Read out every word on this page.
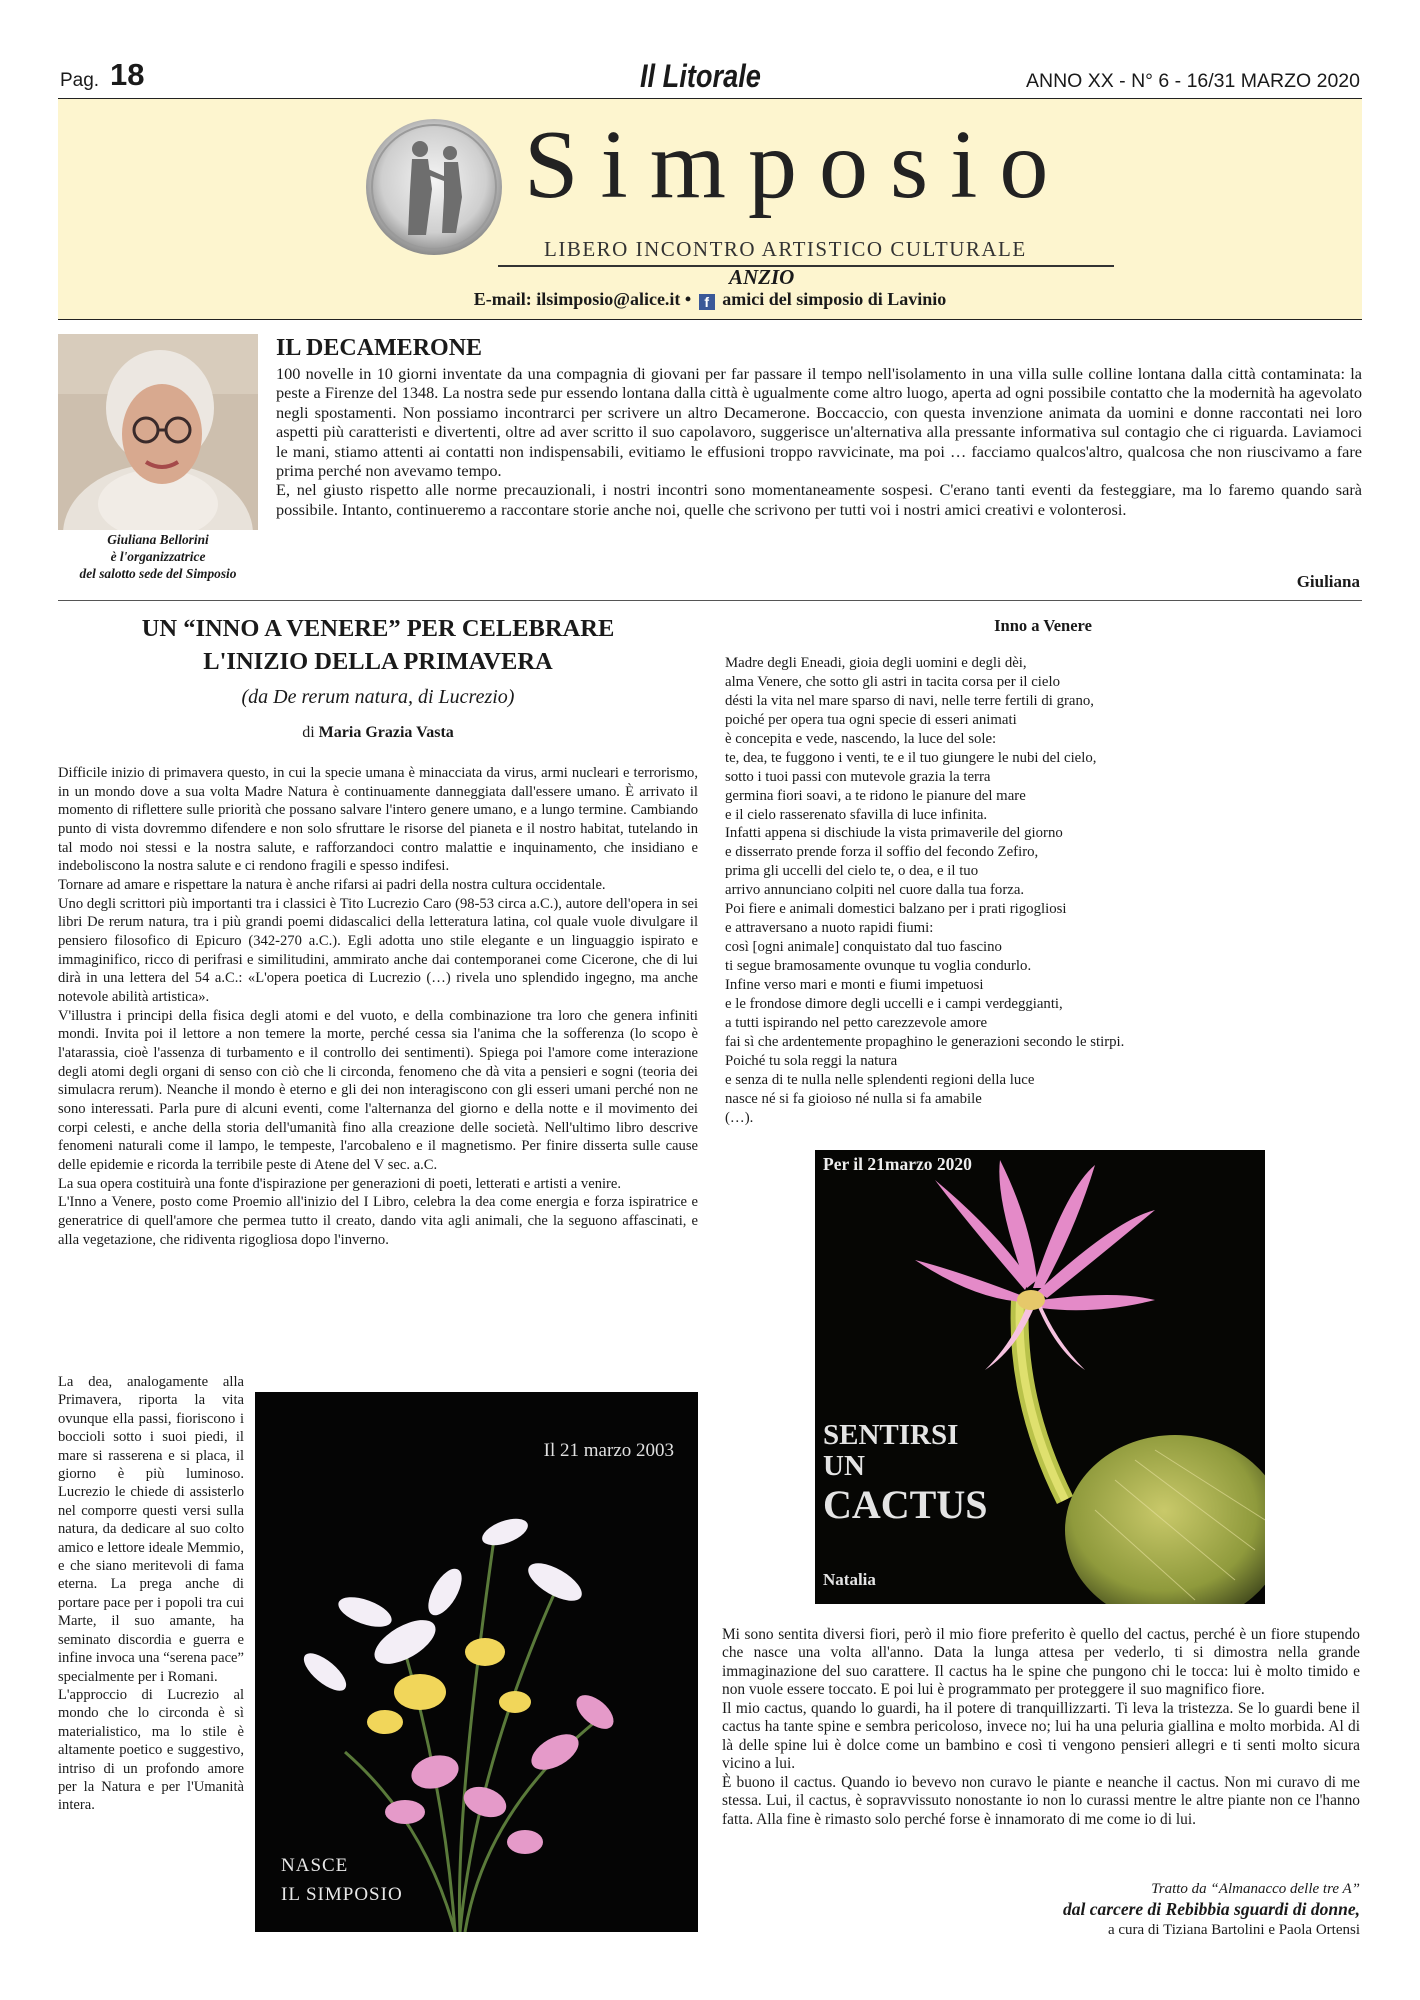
Pag. 18	Il Litorale	ANNO XX - N° 6 - 16/31 MARZO 2020
Simposio
LIBERO INCONTRO ARTISTICO CULTURALE
ANZIO
E-mail: ilsimposio@alice.it • f amici del simposio di Lavinio
Giuliana Bellorini
è l'organizzatrice
del salotto sede del Simposio
IL DECAMERONE

100 novelle in 10 giorni inventate da una compagnia di giovani per far passare il tempo nell'isolamento in una villa sulle colline lontana dalla città contaminata: la peste a Firenze del 1348. La nostra sede pur essendo lontana dalla città è ugualmente come altro luogo, aperta ad ogni possibile contatto che la modernità ha agevolato negli spostamenti. Non possiamo incontrarci per scrivere un altro Decamerone. Boccaccio, con questa invenzione animata da uomini e donne raccontati nei loro aspetti più caratteristi e divertenti, oltre ad aver scritto il suo capolavoro, suggerisce un'alternativa alla pressante informativa sul contagio che ci riguarda. Laviamoci le mani, stiamo attenti ai contatti non indispensabili, evitiamo le effusioni troppo ravvicinate, ma poi … facciamo qualcos'altro, qualcosa che non riuscivamo a fare prima perché non avevamo tempo.

E, nel giusto rispetto alle norme precauzionali, i nostri incontri sono momentaneamente sospesi. C'erano tanti eventi da festeggiare, ma lo faremo quando sarà possibile. Intanto, continueremo a raccontare storie anche noi, quelle che scrivono per tutti voi i nostri amici creativi e volonterosi.

Giuliana
UN “INNO A VENERE” PER CELEBRARE
L'INIZIO DELLA PRIMAVERA
(da De rerum natura, di Lucrezio)
di Maria Grazia Vasta

Difficile inizio di primavera questo, in cui la specie umana è minacciata da virus, armi nucleari e terrorismo, in un mondo dove a sua volta Madre Natura è continuamente danneggiata dall'essere umano. È arrivato il momento di riflettere sulle priorità che possano salvare l'intero genere umano, e a lungo termine. Cambiando punto di vista dovremmo difendere e non solo sfruttare le risorse del pianeta e il nostro habitat, tutelando in tal modo noi stessi e la nostra salute, e rafforzandoci contro malattie e inquinamento, che insidiano e indeboliscono la nostra salute e ci rendono fragili e spesso indifesi.

Tornare ad amare e rispettare la natura è anche rifarsi ai padri della nostra cultura occidentale.

Uno degli scrittori più importanti tra i classici è Tito Lucrezio Caro (98-53 circa a.C.), autore dell'opera in sei libri De rerum natura, tra i più grandi poemi didascalici della letteratura latina, col quale vuole divulgare il pensiero filosofico di Epicuro (342-270 a.C.). Egli adotta uno stile elegante e un linguaggio ispirato e immaginifico, ricco di perifrasi e similitudini, ammirato anche dai contemporanei come Cicerone, che di lui dirà in una lettera del 54 a.C.: «L'opera poetica di Lucrezio (…) rivela uno splendido ingegno, ma anche notevole abilità artistica».

V'illustra i principi della fisica degli atomi e del vuoto, e della combinazione tra loro che genera infiniti mondi. Invita poi il lettore a non temere la morte, perché cessa sia l'anima che la sofferenza (lo scopo è l'atarassia, cioè l'assenza di turbamento e il controllo dei sentimenti). Spiega poi l'amore come interazione degli atomi degli organi di senso con ciò che li circonda, fenomeno che dà vita a pensieri e sogni (teoria dei simulacra rerum). Neanche il mondo è eterno e gli dei non interagiscono con gli esseri umani perché non ne sono interessati. Parla pure di alcuni eventi, come l'alternanza del giorno e della notte e il movimento dei corpi celesti, e anche della storia dell'umanità fino alla creazione delle società. Nell'ultimo libro descrive fenomeni naturali come il lampo, le tempeste, l'arcobaleno e il magnetismo. Per finire disserta sulle cause delle epidemie e ricorda la terribile peste di Atene del V sec. a.C.

La sua opera costituirà una fonte d'ispirazione per generazioni di poeti, letterati e artisti a venire.

L'Inno a Venere, posto come Proemio all'inizio del I Libro, celebra la dea come energia e forza ispiratrice e generatrice di quell'amore che permea tutto il creato, dando vita agli animali, che la seguono affascinati, e alla vegetazione, che ridiventa rigogliosa dopo l'inverno.

La dea, analogamente alla Primavera, riporta la vita ovunque ella passi, fioriscono i boccioli sotto i suoi piedi, il mare si rasserena e si placa, il giorno è più luminoso. Lucrezio le chiede di assisterlo nel comporre questi versi sulla natura, da dedicare al suo colto amico e lettore ideale Memmio, e che siano meritevoli di fama eterna. La prega anche di portare pace per i popoli tra cui Marte, il suo amante, ha seminato discordia e guerra e infine invoca una “serena pace” specialmente per i Romani.

L'approccio di Lucrezio al mondo che lo circonda è sì materialistico, ma lo stile è altamente poetico e suggestivo, intriso di un profondo amore per la Natura e per l'Umanità intera.

Il 21 marzo 2003
NASCE
IL SIMPOSIO
Inno a Venere
Madre degli Eneadi, gioia degli uomini e degli dèi,
alma Venere, che sotto gli astri in tacita corsa per il cielo
désti la vita nel mare sparso di navi, nelle terre fertili di grano,
poiché per opera tua ogni specie di esseri animati
è concepita e vede, nascendo, la luce del sole:
te, dea, te fuggono i venti, te e il tuo giungere le nubi del cielo,
sotto i tuoi passi con mutevole grazia la terra
germina fiori soavi, a te ridono le pianure del mare
e il cielo rasserenato sfavilla di luce infinita.
Infatti appena si dischiude la vista primaverile del giorno
e disserrato prende forza il soffio del fecondo Zefiro,
prima gli uccelli del cielo te, o dea, e il tuo
arrivo annunciano colpiti nel cuore dalla tua forza.
Poi fiere e animali domestici balzano per i prati rigogliosi
e attraversano a nuoto rapidi fiumi:
così [ogni animale] conquistato dal tuo fascino
ti segue bramosamente ovunque tu voglia condurlo.
Infine verso mari e monti e fiumi impetuosi
e le frondose dimore degli uccelli e i campi verdeggianti,
a tutti ispirando nel petto carezzevole amore
fai sì che ardentemente propaghino le generazioni secondo le stirpi.
Poiché tu sola reggi la natura
e senza di te nulla nelle splendenti regioni della luce
nasce né si fa gioioso né nulla si fa amabile
(…).
Per il 21marzo 2020
SENTIRSI
UN
CACTUS
Natalia

Mi sono sentita diversi fiori, però il mio fiore preferito è quello del cactus, perché è un fiore stupendo che nasce una volta all'anno. Data la lunga attesa per vederlo, ti si dimostra nella grande immaginazione del suo carattere. Il cactus ha le spine che pungono chi le tocca: lui è molto timido e non vuole essere toccato. E poi lui è programmato per proteggere il suo magnifico fiore.

Il mio cactus, quando lo guardi, ha il potere di tranquillizzarti. Ti leva la tristezza. Se lo guardi bene il cactus ha tante spine e sembra pericoloso, invece no; lui ha una peluria giallina e molto morbida. Al di là delle spine lui è dolce come un bambino e così ti vengono pensieri allegri e ti senti molto sicura vicino a lui.

È buono il cactus. Quando io bevevo non curavo le piante e neanche il cactus. Non mi curavo di me stessa. Lui, il cactus, è sopravvissuto nonostante io non lo curassi mentre le altre piante non ce l'hanno fatta. Alla fine è rimasto solo perché forse è innamorato di me come io di lui.

Tratto da “Almanacco delle tre A”
dal carcere di Rebibbia sguardi di donne,
a cura di Tiziana Bartolini e Paola Ortensi
